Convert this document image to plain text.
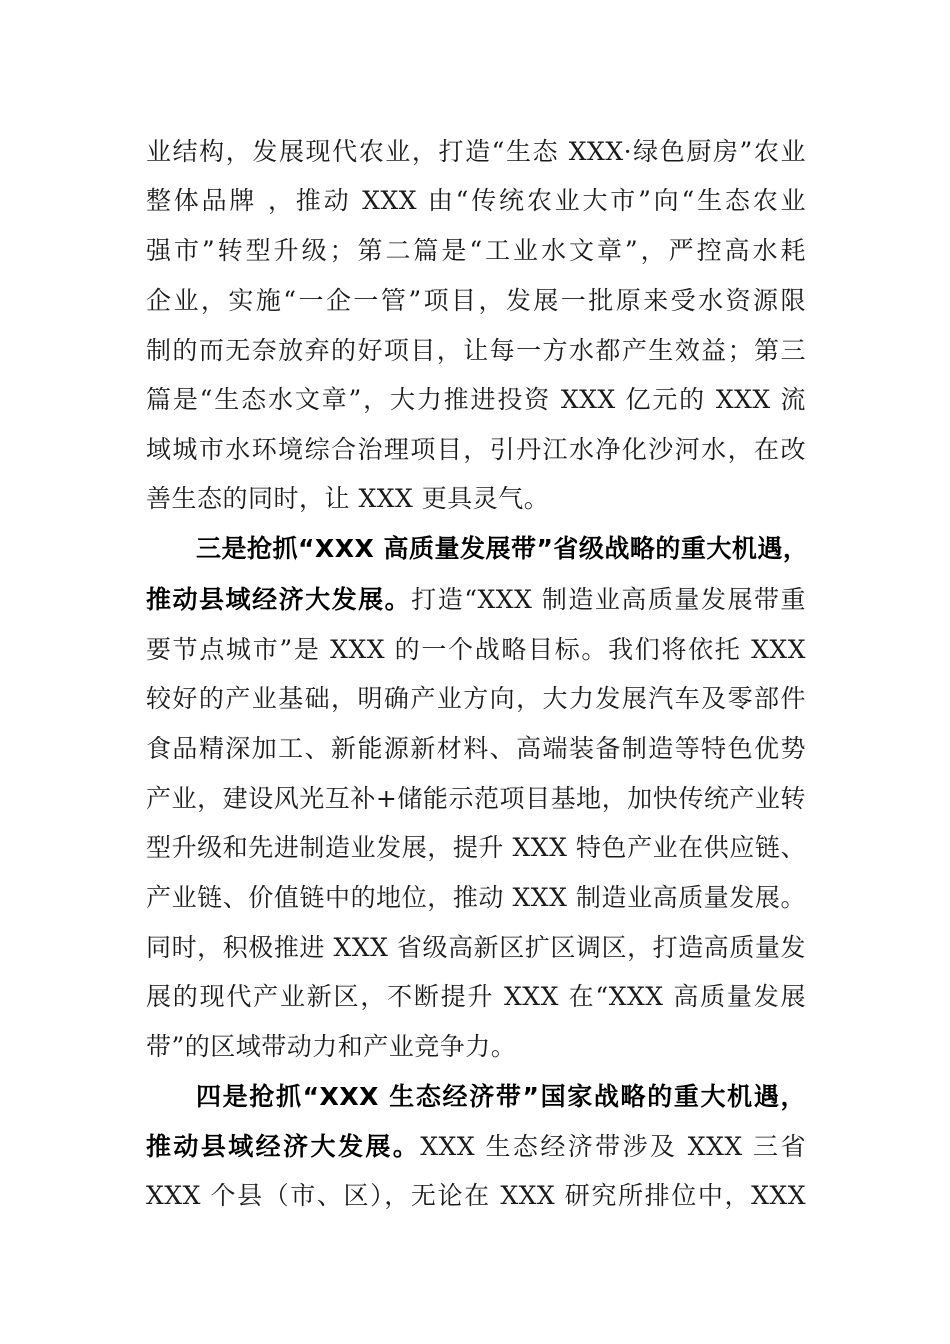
业结构，发展现代农业，打造“生态 XXX·绿色厨房”农业
整体品牌 ，推动 XXX 由“传统农业大市”向“生态农业
强市”转型升级；第二篇是“工业水文章”，严控高水耗
企业，实施“一企一管”项目，发展一批原来受水资源限
制的而无奈放弃的好项目，让每一方水都产生效益；第三
篇是“生态水文章”，大力推进投资 XXX 亿元的 XXX 流
域城市水环境综合治理项目，引丹江水净化沙河水，在改
善生态的同时，让 XXX 更具灵气。
三是抢抓“XXX 高质量发展带”省级战略的重大机遇，
推动县域经济大发展。打造“XXX 制造业高质量发展带重
要节点城市”是 XXX 的一个战略目标。我们将依托 XXX
较好的产业基础，明确产业方向，大力发展汽车及零部件
食品精深加工、新能源新材料、高端装备制造等特色优势
产业，建设风光互补+储能示范项目基地，加快传统产业转
型升级和先进制造业发展，提升 XXX 特色产业在供应链、
产业链、价值链中的地位，推动 XXX 制造业高质量发展。
同时，积极推进 XXX 省级高新区扩区调区，打造高质量发
展的现代产业新区，不断提升 XXX 在“XXX 高质量发展
带”的区域带动力和产业竞争力。
四是抢抓“XXX 生态经济带”国家战略的重大机遇，
推动县域经济大发展。XXX 生态经济带涉及 XXX 三省
XXX 个县（市、区），无论在 XXX 研究所排位中，XXX
